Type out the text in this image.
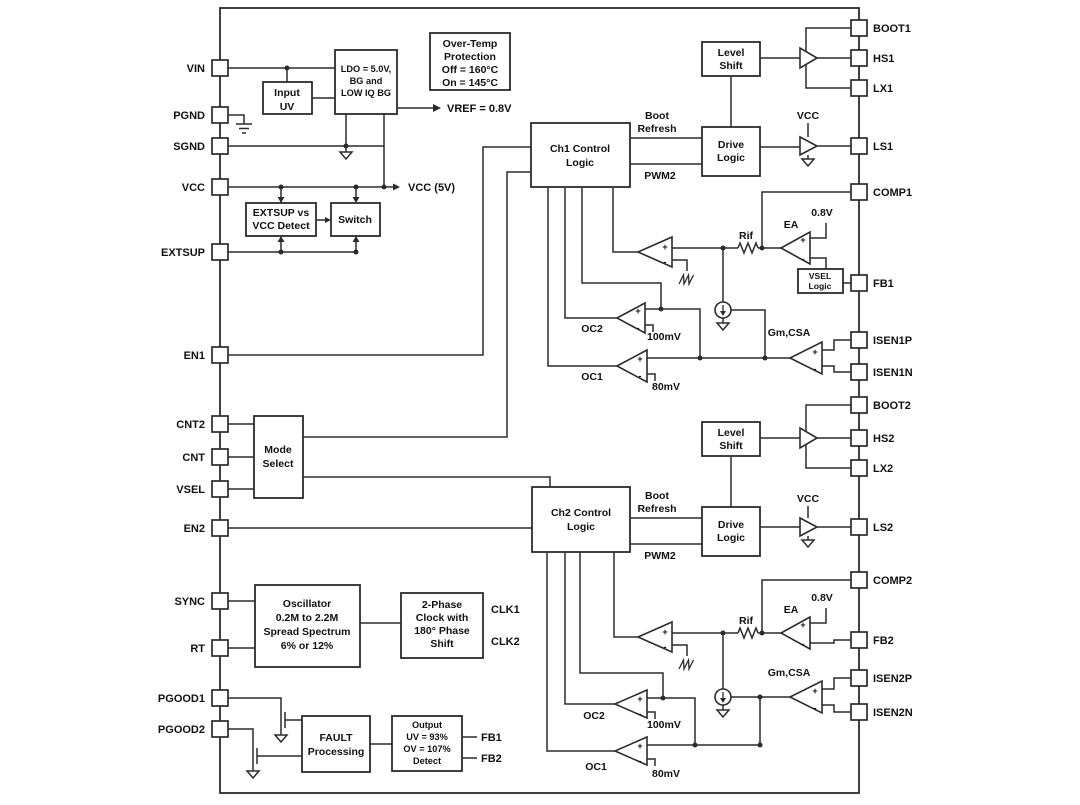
VIN
PGND
SGND
VCC
EXTSUP
EN1
CNT2
CNT
VSEL
EN2
SYNC
RT
PGOOD1
PGOOD2
BOOT1
HS1
LX1
LS1
COMP1
FB1
ISEN1P
ISEN1N
BOOT2
HS2
LX2
LS2
COMP2
FB2
ISEN2P
ISEN2N
Input
UV
LDO = 5.0V,
BG and
LOW IQ BG
Over-Temp
Protection
Off = 160°C
On = 145°C
VREF = 0.8V
VCC (5V)
EXTSUP vs
VCC Detect	Switch
Mode
Select
Oscillator
0.2M to 2.2M
Spread Spectrum
6% or 12%
2-Phase
Clock with
180° Phase
Shift
CLK1
CLK2
FAULT
Processing
Output
UV = 93%
OV = 107%
Detect
FB1
FB2
Ch1 Control
Logic
Level
Shift
Drive
Logic
Boot
Refresh
PWM2
VCC
Rif
EA
0.8V
+
-
VSEL
Logic
+
-
+
-
+
-
OC2
OC1
100mV
80mV
+
-
Gm,CSA
Ch2 Control
Logic
Level
Shift
Drive
Logic
Boot
Refresh
PWM2
VCC
Rif
EA
0.8V
+
-
+
-
+
-
+
-
OC2
OC1
100mV
80mV
+
-
Gm,CSA
